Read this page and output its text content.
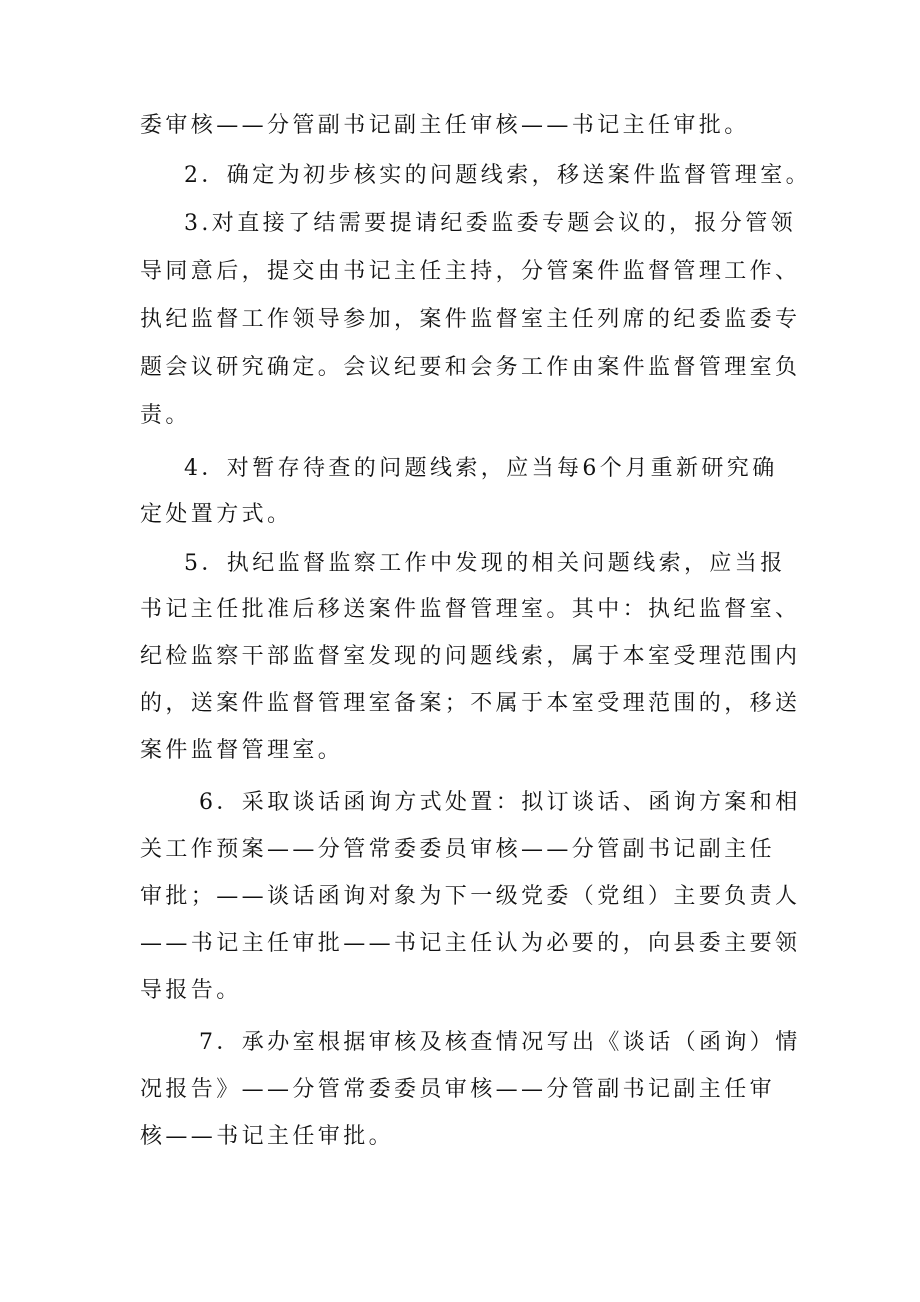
委审核——分管副书记副主任审核——书记主任审批。
2．确定为初步核实的问题线索，移送案件监督管理室。
3.对直接了结需要提请纪委监委专题会议的，报分管领
导同意后，提交由书记主任主持，分管案件监督管理工作、
执纪监督工作领导参加，案件监督室主任列席的纪委监委专
题会议研究确定。会议纪要和会务工作由案件监督管理室负
责。
4．对暂存待查的问题线索，应当每6个月重新研究确
定处置方式。
5．执纪监督监察工作中发现的相关问题线索，应当报
书记主任批准后移送案件监督管理室。其中：执纪监督室、
纪检监察干部监督室发现的问题线索，属于本室受理范围内
的，送案件监督管理室备案；不属于本室受理范围的，移送
案件监督管理室。
6．采取谈话函询方式处置：拟订谈话、函询方案和相
关工作预案——分管常委委员审核——分管副书记副主任
审批；——谈话函询对象为下一级党委（党组）主要负责人
——书记主任审批——书记主任认为必要的，向县委主要领
导报告。
7．承办室根据审核及核查情况写出《谈话（函询）情
况报告》——分管常委委员审核——分管副书记副主任审
核——书记主任审批。
